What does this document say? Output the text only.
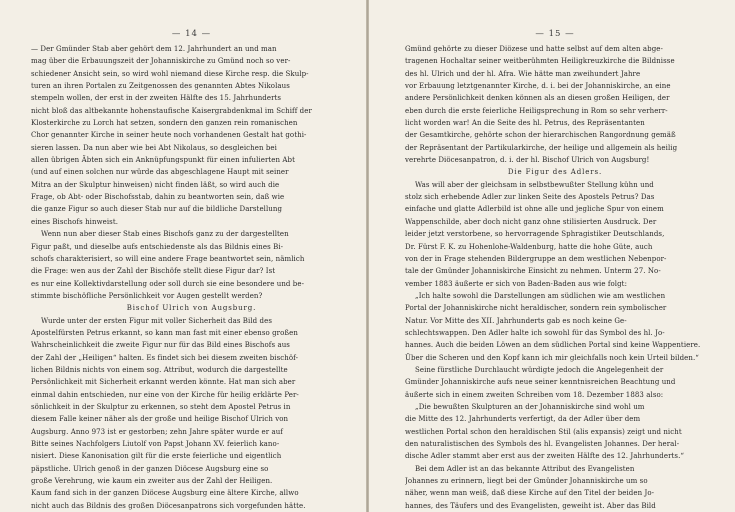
— 14 —
— Der Gmünder Stab aber gehört dem 12. Jahrhundert an und man
mag über die Erbauungszeit der Johanniskirche zu Gmünd noch so ver-
schiedener Ansicht sein, so wird wohl niemand diese Kirche resp. die Skulp-
turen an ihren Portalen zu Zeitgenossen des genannten Abtes Nikolaus
stempeln wollen, der erst in der zweiten Hälfte des 15. Jahrhunderts
nicht bloß das altbekannte hohenstaufische Kaisergrabdenkmal im Schiff der
Klosterkirche zu Lorch hat setzen, sondern den ganzen rein romanischen
Chor genannter Kirche in seiner heute noch vorhandenen Gestalt hat gothi-
sieren lassen. Da nun aber wie bei Abt Nikolaus, so desgleichen bei
allen übrigen Äbten sich ein Anknüpfungspunkt für einen infulierten Abt
(und auf einen solchen nur würde das abgeschlagene Haupt mit seiner
Mitra an der Skulptur hinweisen) nicht finden läßt, so wird auch die
Frage, ob Abt- oder Bischofsstab, dahin zu beantworten sein, daß wie
die ganze Figur so auch dieser Stab nur auf die bildliche Darstellung
eines Bischofs hinweist.
Wenn nun aber dieser Stab eines Bischofs ganz zu der dargestellten
Figur paßt, und dieselbe aufs entschiedenste als das Bildnis eines Bi-
schofs charakterisiert, so will eine andere Frage beantwortet sein, nämlich
die Frage: wen aus der Zahl der Bischöfe stellt diese Figur dar? Ist
es nur eine Kollektivdarstellung oder soll durch sie eine besondere und be-
stimmte bischöfliche Persönlichkeit vor Augen gestellt werden?
Bischof Ulrich von Augsburg.
Wurde unter der ersten Figur mit voller Sicherheit das Bild des
Apostelfürsten Petrus erkannt, so kann man fast mit einer ebenso großen
Wahrscheinlichkeit die zweite Figur nur für das Bild eines Bischofs aus
der Zahl der „Heiligen“ halten. Es findet sich bei diesem zweiten bischöf-
lichen Bildnis nichts von einem sog. Attribut, wodurch die dargestellte
Persönlichkeit mit Sicherheit erkannt werden könnte. Hat man sich aber
einmal dahin entschieden, nur eine von der Kirche für heilig erklärte Per-
sönlichkeit in der Skulptur zu erkennen, so steht dem Apostel Petrus in
diesem Falle keiner näher als der große und heilige Bischof Ulrich von
Augsburg. Anno 973 ist er gestorben; zehn Jahre später wurde er auf
Bitte seines Nachfolgers Liutolf von Papst Johann XV. feierlich kano-
nisiert. Diese Kanonisation gilt für die erste feierliche und eigentlich
päpstliche. Ulrich genoß in der ganzen Diöcese Augsburg eine so
große Verehrung, wie kaum ein zweiter aus der Zahl der Heiligen.
Kaum fand sich in der ganzen Diöcese Augsburg eine ältere Kirche, allwo
nicht auch das Bildnis des großen Diöcesanpatrons sich vorgefunden hätte.
— 15 —
Gmünd gehörte zu dieser Diözese und hatte selbst auf dem alten abge-
tragenen Hochaltar seiner weitberühmten Heiligkreuzkirche die Bildnisse
des hl. Ulrich und der hl. Afra. Wie hätte man zweihundert Jahre
vor Erbauung letztgenannter Kirche, d. i. bei der Johanniskirche, an eine
andere Persönlichkeit denken können als an diesen großen Heiligen, der
eben durch die erste feierliche Heiligsprechung in Rom so sehr verherr-
licht worden war! An die Seite des hl. Petrus, des Repräsentanten
der Gesamtkirche, gehörte schon der hierarchischen Rangordnung gemäß
der Repräsentant der Partikularkirche, der heilige und allgemein als heilig
verehrte Diöcesanpatron, d. i. der hl. Bischof Ulrich von Augsburg!
Die Figur des Adlers.
Was will aber der gleichsam in selbstbewußter Stellung kühn und
stolz sich erhebende Adler zur linken Seite des Apostels Petrus? Das
einfache und glatte Adlerbild ist ohne alle und jegliche Spur von einem
Wappenschilde, aber doch nicht ganz ohne stilisierten Ausdruck. Der
leider jetzt verstorbene, so hervorragende Sphragistiker Deutschlands,
Dr. Fürst F. K. zu Hohenlohe-Waldenburg, hatte die hohe Güte, auch
von der in Frage stehenden Bildergruppe an dem westlichen Nebenpor-
tale der Gmünder Johanniskirche Einsicht zu nehmen. Unterm 27. No-
vember 1883 äußerte er sich von Baden-Baden aus wie folgt:
„Ich halte sowohl die Darstellungen am südlichen wie am westlichen
Portal der Johanniskirche nicht heraldischer, sondern rein symbolischer
Natur. Vor Mitte des XII. Jahrhunderts gab es noch keine Ge-
schlechtswappen. Den Adler halte ich sowohl für das Symbol des hl. Jo-
hannes. Auch die beiden Löwen an dem südlichen Portal sind keine Wappentiere.
Über die Scheren und den Kopf kann ich mir gleichfalls noch kein Urteil bilden.“
Seine fürstliche Durchlaucht würdigte jedoch die Angelegenheit der
Gmünder Johanniskirche aufs neue seiner kenntnisreichen Beachtung und
äußerte sich in einem zweiten Schreiben vom 18. Dezember 1883 also:
„Die bewußten Skulpturen an der Johanniskirche sind wohl um
die Mitte des 12. Jahrhunderts verfertigt, da der Adler über dem
westlichen Portal schon den heraldischen Stil (alis expansis) zeigt und nicht
den naturalistischen des Symbols des hl. Evangelisten Johannes. Der heral-
dische Adler stammt aber erst aus der zweiten Hälfte des 12. Jahrhunderts.“
Bei dem Adler ist an das bekannte Attribut des Evangelisten
Johannes zu erinnern, liegt bei der Gmünder Johanniskirche um so
näher, wenn man weiß, daß diese Kirche auf den Titel der beiden Jo-
hannes, des Täufers und des Evangelisten, geweiht ist. Aber das Bild
